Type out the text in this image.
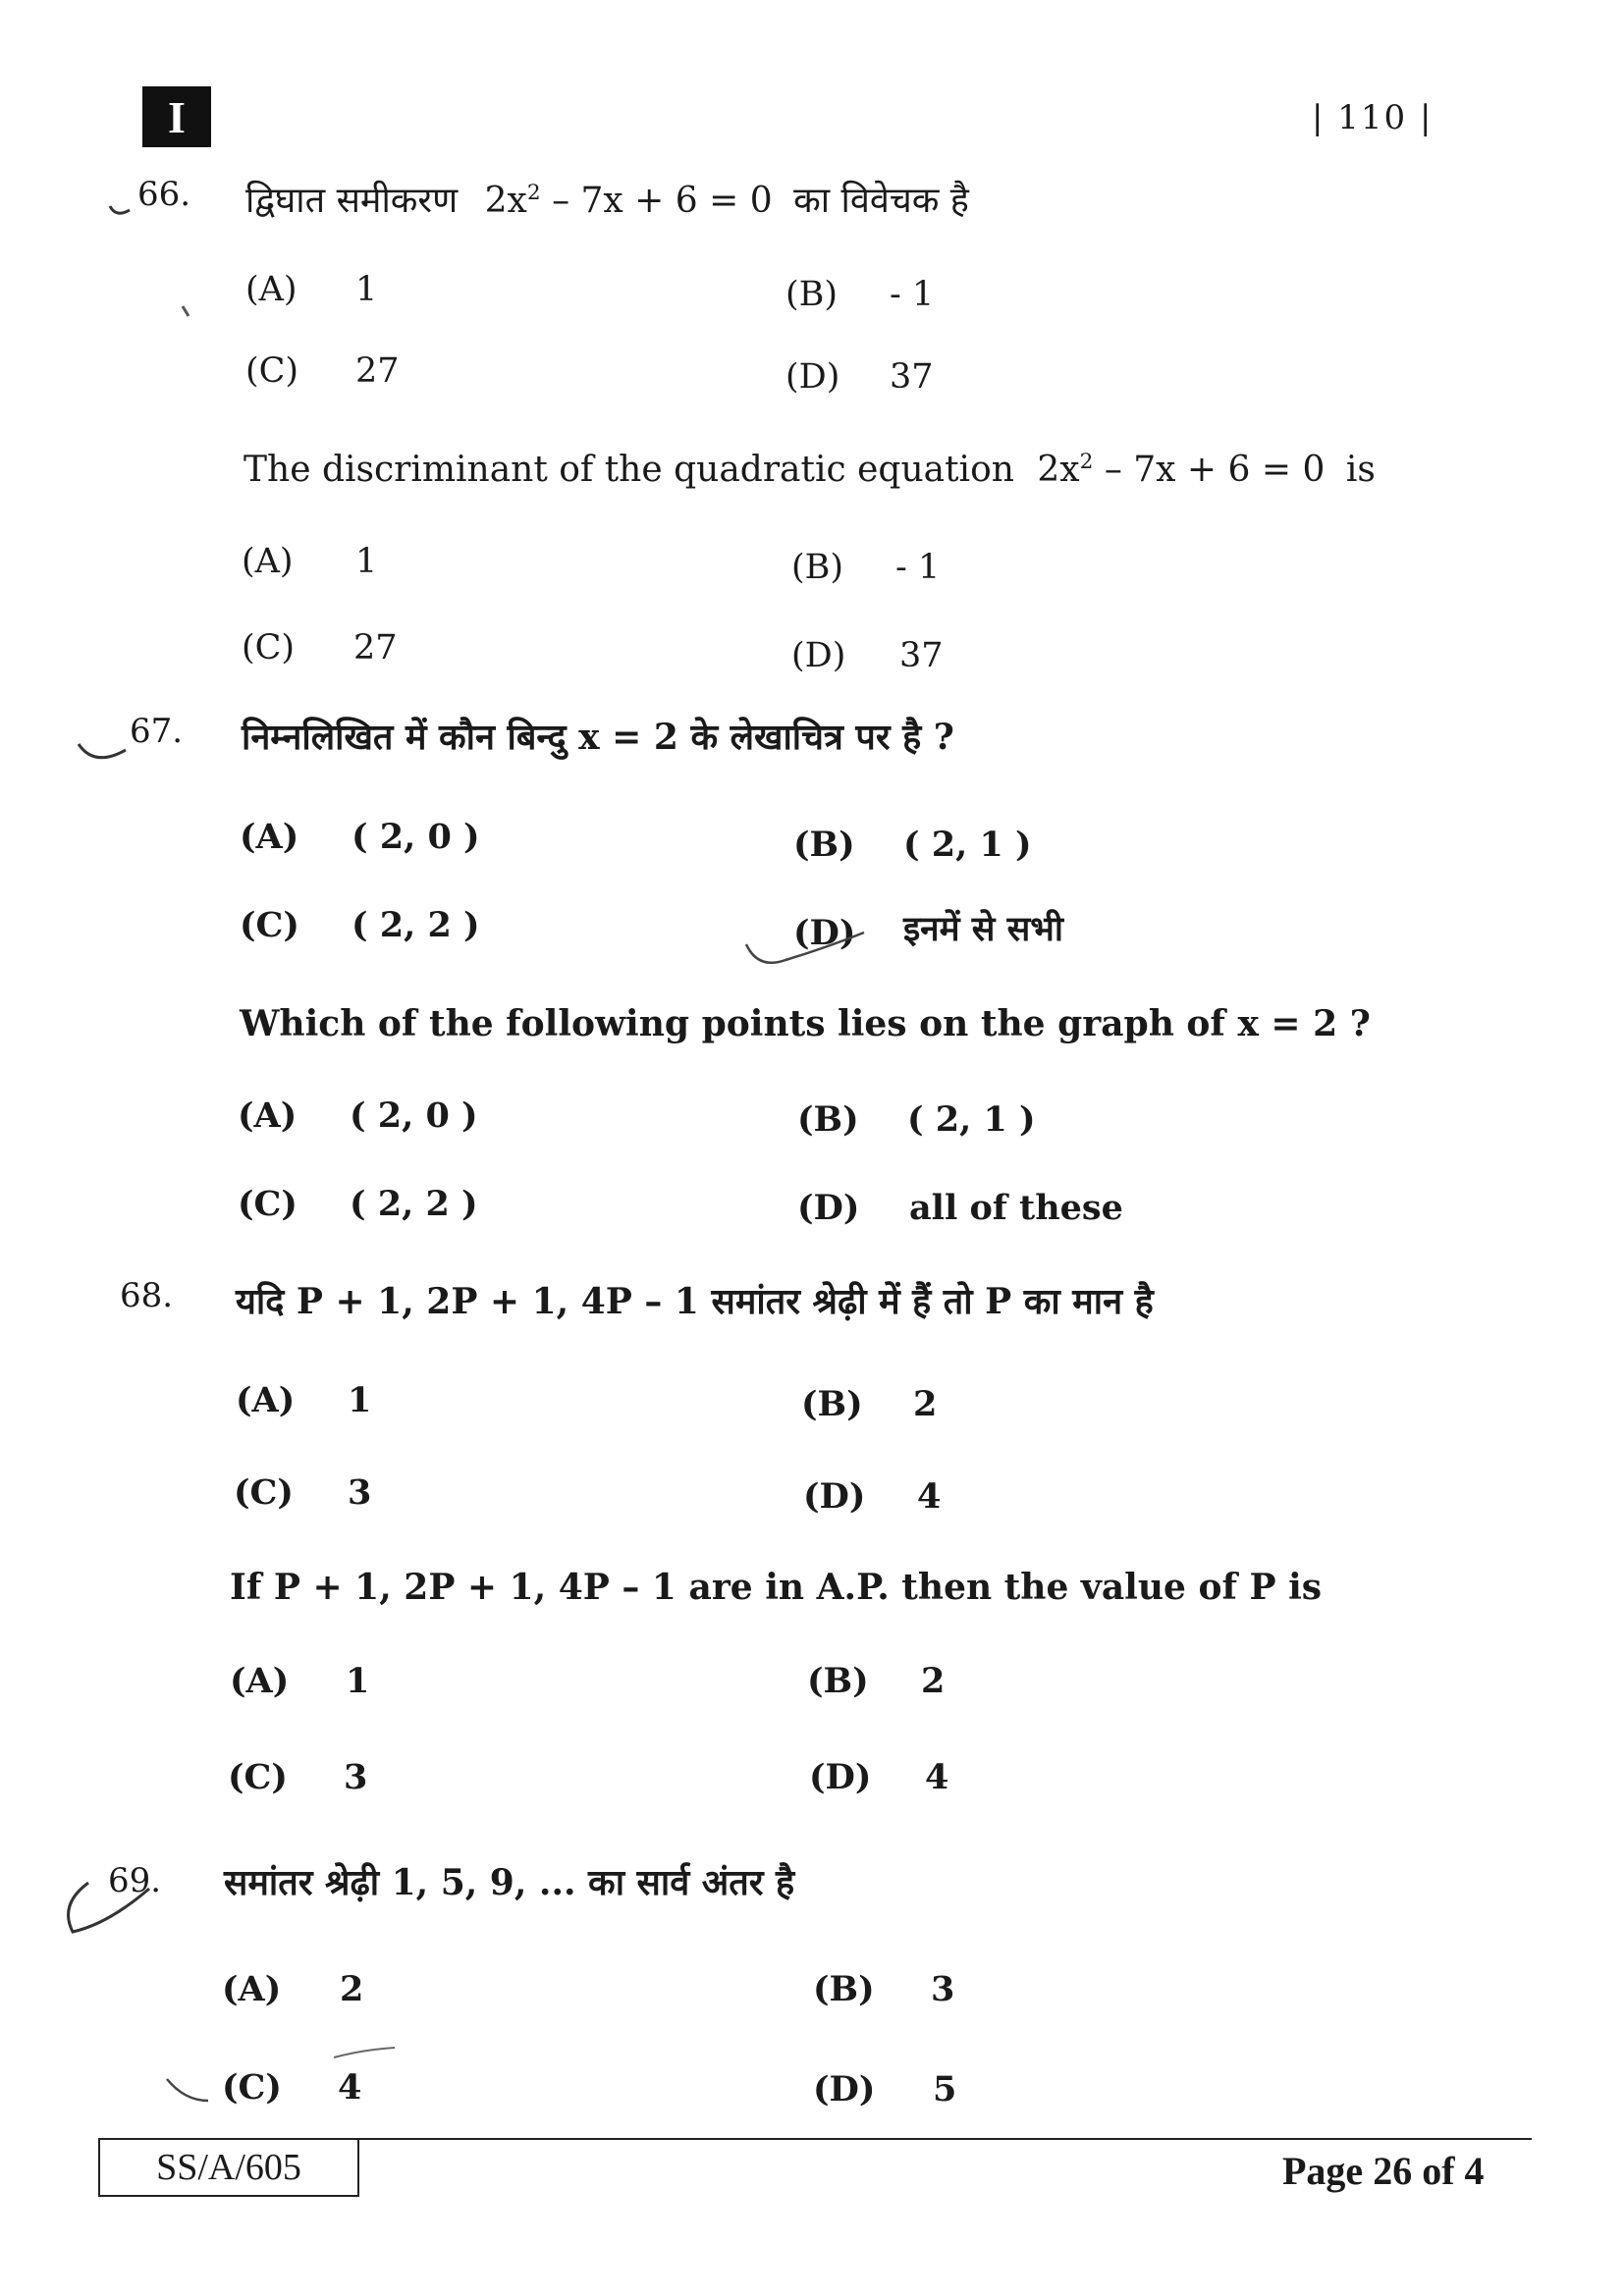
I	| 110 |
66. द्विघात समीकरण $2x^2 - 7x + 6 = 0$ का विवेचक है
(A) 1	(B) - 1
(C) 27	(D) 37
The discriminant of the quadratic equation $2x^2 - 7x + 6 = 0$ is
(A) 1	(B) - 1
(C) 27	(D) 37
67. निम्नलिखित में कौन बिन्दु x = 2 के लेखाचित्र पर है ?
(A) ( 2, 0 )	(B) ( 2, 1 )
(C) ( 2, 2 )	(D) इनमें से सभी
Which of the following points lies on the graph of x = 2 ?
(A) ( 2, 0 )	(B) ( 2, 1 )
(C) ( 2, 2 )	(D) all of these
68. यदि P + 1, 2P + 1, 4P – 1 समांतर श्रेढ़ी में हैं तो P का मान है
(A) 1	(B) 2
(C) 3	(D) 4
If P + 1, 2P + 1, 4P – 1 are in A.P. then the value of P is
(A) 1	(B) 2
(C) 3	(D) 4
69. समांतर श्रेढ़ी 1, 5, 9, ... का सार्व अंतर है
(A) 2	(B) 3
(C) 4	(D) 5
SS/A/605	Page 26 of 4
